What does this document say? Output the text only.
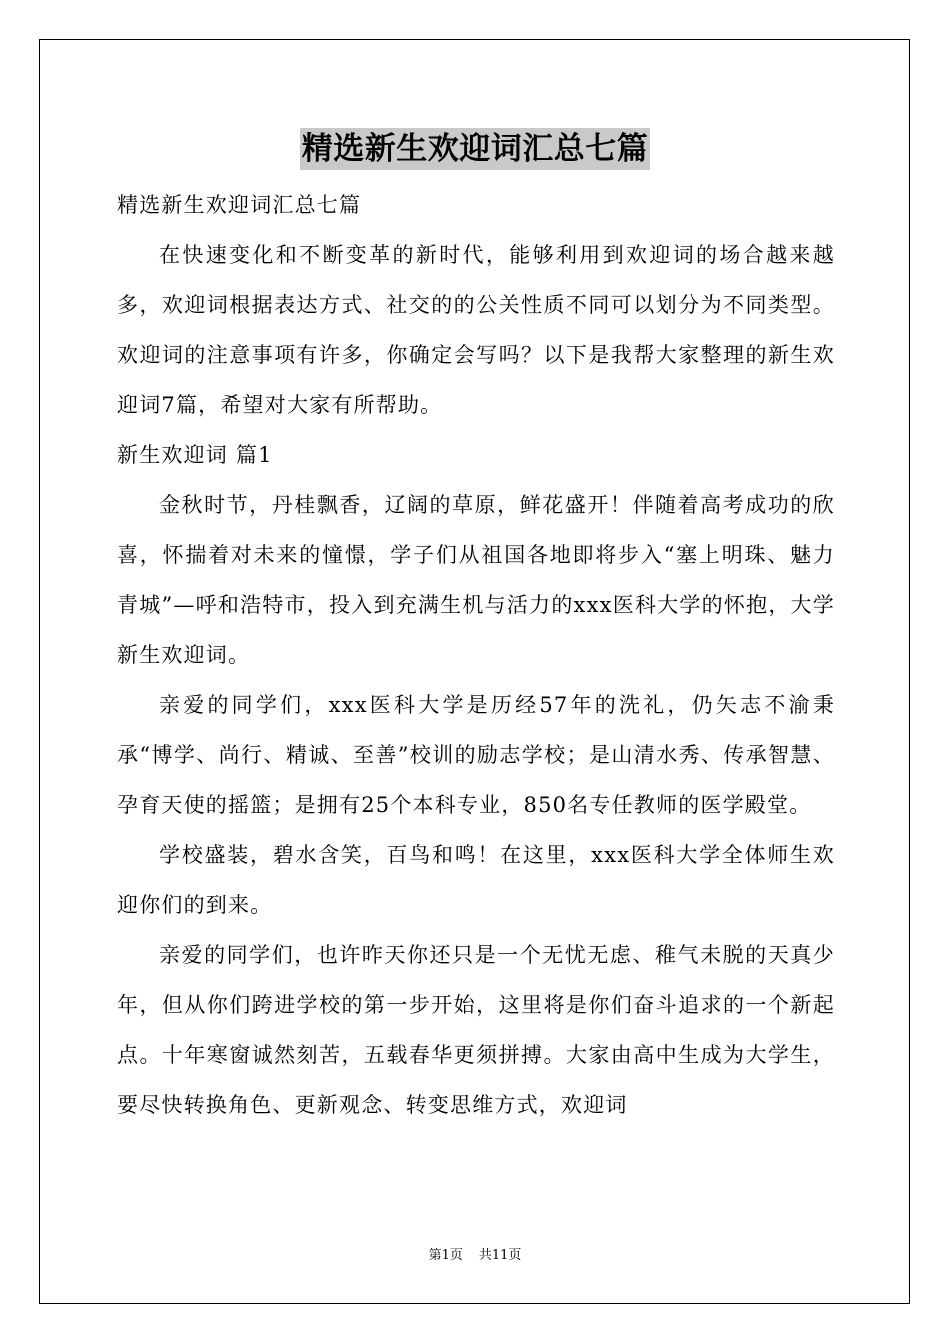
精选新生欢迎词汇总七篇

精选新生欢迎词汇总七篇

在快速变化和不断变革的新时代，能够利用到欢迎词的场合越来越多，欢迎词根据表达方式、社交的的公关性质不同可以划分为不同类型。欢迎词的注意事项有许多，你确定会写吗？以下是我帮大家整理的新生欢迎词7篇，希望对大家有所帮助。

新生欢迎词 篇1

金秋时节，丹桂飘香，辽阔的草原，鲜花盛开！伴随着高考成功的欣喜，怀揣着对未来的憧憬，学子们从祖国各地即将步入“塞上明珠、魅力青城”—呼和浩特市，投入到充满生机与活力的xxx医科大学的怀抱，大学新生欢迎词。

亲爱的同学们，xxx医科大学是历经57年的洗礼，仍矢志不渝秉承“博学、尚行、精诚、至善”校训的励志学校；是山清水秀、传承智慧、孕育天使的摇篮；是拥有25个本科专业，850名专任教师的医学殿堂。

学校盛装，碧水含笑，百鸟和鸣！在这里，xxx医科大学全体师生欢迎你们的到来。

亲爱的同学们，也许昨天你还只是一个无忧无虑、稚气未脱的天真少年，但从你们跨进学校的第一步开始，这里将是你们奋斗追求的一个新起点。十年寒窗诚然刻苦，五载春华更须拼搏。大家由高中生成为大学生，要尽快转换角色、更新观念、转变思维方式，欢迎词

第1页 共11页
